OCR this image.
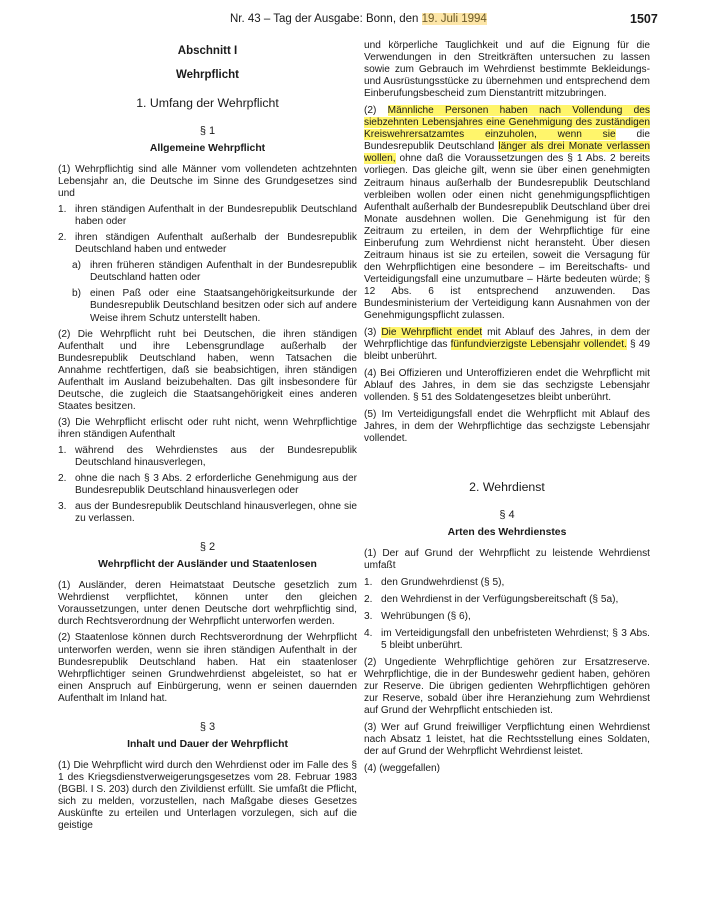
Nr. 43 – Tag der Ausgabe: Bonn, den 19. Juli 1994	1507
Abschnitt I
Wehrpflicht
1. Umfang der Wehrpflicht
§ 1
Allgemeine Wehrpflicht

(1) Wehrpflichtig sind alle Männer vom vollendeten achtzehnten Lebensjahr an, die Deutsche im Sinne des Grundgesetzes sind und

1. ihren ständigen Aufenthalt in der Bundesrepublik Deutschland haben oder
2. ihren ständigen Aufenthalt außerhalb der Bundesrepublik Deutschland haben und entweder
a) ihren früheren ständigen Aufenthalt in der Bundesrepublik Deutschland hatten oder
b) einen Paß oder eine Staatsangehörigkeitsurkunde der Bundesrepublik Deutschland besitzen oder sich auf andere Weise ihrem Schutz unterstellt haben.

(2) Die Wehrpflicht ruht bei Deutschen, die ihren ständigen Aufenthalt und ihre Lebensgrundlage außerhalb der Bundesrepublik Deutschland haben, wenn Tatsachen die Annahme rechtfertigen, daß sie beabsichtigen, ihren ständigen Aufenthalt im Ausland beizubehalten. Das gilt insbesondere für Deutsche, die zugleich die Staatsangehörigkeit eines anderen Staates besitzen.

(3) Die Wehrpflicht erlischt oder ruht nicht, wenn Wehrpflichtige ihren ständigen Aufenthalt

1. während des Wehrdienstes aus der Bundesrepublik Deutschland hinausverlegen,
2. ohne die nach § 3 Abs. 2 erforderliche Genehmigung aus der Bundesrepublik Deutschland hinausverlegen oder
3. aus der Bundesrepublik Deutschland hinausverlegen, ohne sie zu verlassen.
§ 2
Wehrpflicht der Ausländer und Staatenlosen

(1) Ausländer, deren Heimatstaat Deutsche gesetzlich zum Wehrdienst verpflichtet, können unter den gleichen Voraussetzungen, unter denen Deutsche dort wehrpflichtig sind, durch Rechtsverordnung der Wehrpflicht unterworfen werden.

(2) Staatenlose können durch Rechtsverordnung der Wehrpflicht unterworfen werden, wenn sie ihren ständigen Aufenthalt in der Bundesrepublik Deutschland haben. Hat ein staatenloser Wehrpflichtiger seinen Grundwehrdienst abgeleistet, so hat er einen Anspruch auf Einbürgerung, wenn er seinen dauernden Aufenthalt im Inland hat.

§ 3
Inhalt und Dauer der Wehrpflicht

(1) Die Wehrpflicht wird durch den Wehrdienst oder im Falle des § 1 des Kriegsdienstverweigerungsgesetzes vom 28. Februar 1983 (BGBl. I S. 203) durch den Zivildienst erfüllt. Sie umfaßt die Pflicht, sich zu melden, vorzustellen, nach Maßgabe dieses Gesetzes Auskünfte zu erteilen und Unterlagen vorzulegen, sich auf die geistige

und körperliche Tauglichkeit und auf die Eignung für die Verwendungen in den Streitkräften untersuchen zu lassen sowie zum Gebrauch im Wehrdienst bestimmte Bekleidungs- und Ausrüstungsstücke zu übernehmen und entsprechend dem Einberufungsbescheid zum Dienstantritt mitzubringen.

(2) Männliche Personen haben nach Vollendung des siebzehnten Lebensjahres eine Genehmigung des zuständigen Kreiswehrersatzamtes einzuholen, wenn sie die Bundesrepublik Deutschland länger als drei Monate verlassen wollen, ohne daß die Voraussetzungen des § 1 Abs. 2 bereits vorliegen. Das gleiche gilt, wenn sie über einen genehmigten Zeitraum hinaus außerhalb der Bundesrepublik Deutschland verbleiben wollen oder einen nicht genehmigungspflichtigen Aufenthalt außerhalb der Bundesrepublik Deutschland über drei Monate ausdehnen wollen. Die Genehmigung ist für den Zeitraum zu erteilen, in dem der Wehrpflichtige für eine Einberufung zum Wehrdienst nicht heransteht. Über diesen Zeitraum hinaus ist sie zu erteilen, soweit die Versagung für den Wehrpflichtigen eine besondere – im Bereitschafts- und Verteidigungsfall eine unzumutbare – Härte bedeuten würde; § 12 Abs. 6 ist entsprechend anzuwenden. Das Bundesministerium der Verteidigung kann Ausnahmen von der Genehmigungspflicht zulassen.

(3) Die Wehrpflicht endet mit Ablauf des Jahres, in dem der Wehrpflichtige das fünfundvierzigste Lebensjahr vollendet. § 49 bleibt unberührt.

(4) Bei Offizieren und Unteroffizieren endet die Wehrpflicht mit Ablauf des Jahres, in dem sie das sechzigste Lebensjahr vollenden. § 51 des Soldatengesetzes bleibt unberührt.

(5) Im Verteidigungsfall endet die Wehrpflicht mit Ablauf des Jahres, in dem der Wehrpflichtige das sechzigste Lebensjahr vollendet.

2. Wehrdienst
§ 4
Arten des Wehrdienstes

(1) Der auf Grund der Wehrpflicht zu leistende Wehrdienst umfaßt

1. den Grundwehrdienst (§ 5),
2. den Wehrdienst in der Verfügungsbereitschaft (§ 5a),
3. Wehrübungen (§ 6),
4. im Verteidigungsfall den unbefristeten Wehrdienst; § 3 Abs. 5 bleibt unberührt.

(2) Ungediente Wehrpflichtige gehören zur Ersatzreserve. Wehrpflichtige, die in der Bundeswehr gedient haben, gehören zur Reserve. Die übrigen gedienten Wehrpflichtigen gehören zur Reserve, sobald über ihre Heranziehung zum Wehrdienst auf Grund der Wehrpflicht entschieden ist.

(3) Wer auf Grund freiwilliger Verpflichtung einen Wehrdienst nach Absatz 1 leistet, hat die Rechtsstellung eines Soldaten, der auf Grund der Wehrpflicht Wehrdienst leistet.

(4) (weggefallen)
